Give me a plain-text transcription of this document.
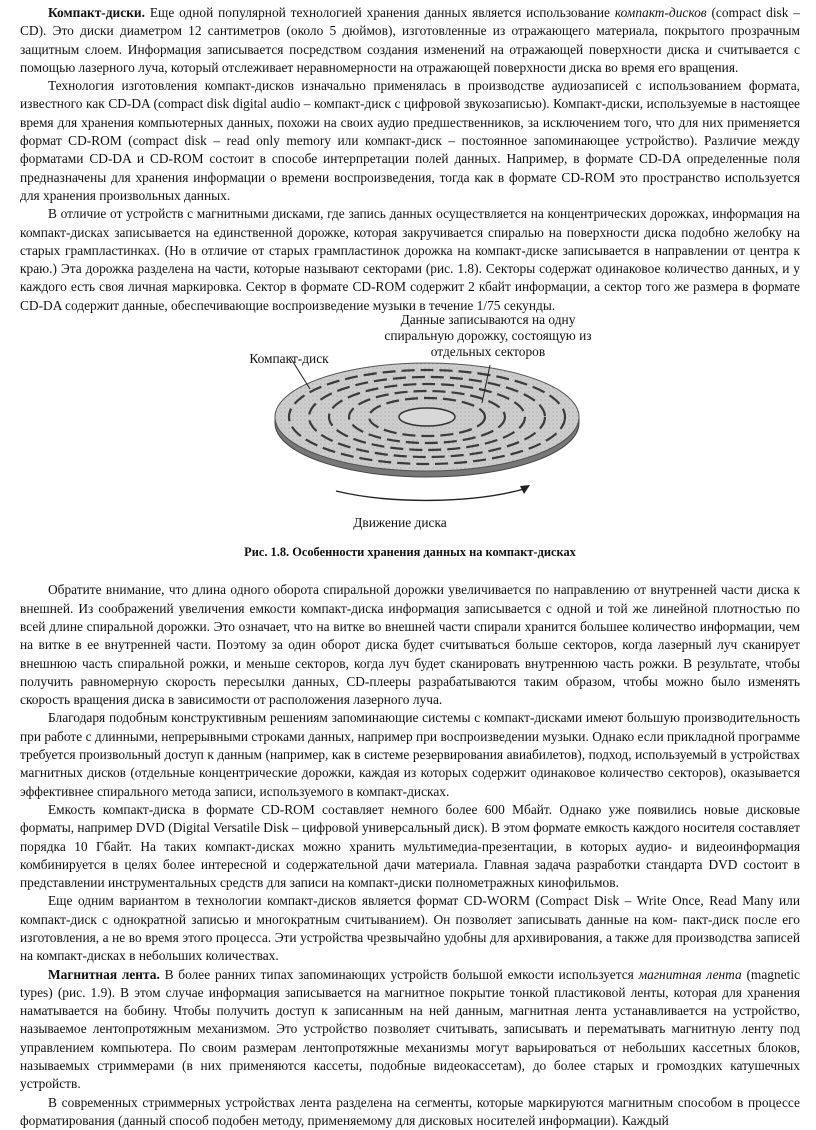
Компакт-диски. Еще одной популярной технологией хранения данных является использование компакт-дисков (compact disk – CD). Это диски диаметром 12 сантиметров (около 5 дюймов), изготовленные из отражающего материала, покрытого прозрачным защитным слоем. Информация записывается посредством создания изменений на отражающей поверхности диска и считывается с помощью лазерного луча, который отслеживает неравномерности на отражающей поверхности диска во время его вращения.

Технология изготовления компакт-дисков изначально применялась в производстве аудиозаписей с использованием формата, известного как CD-DA (compact disk digital audio – компакт-диск с цифровой звукозаписью). Компакт-диски, используемые в настоящее время для хранения компьютерных данных, похожи на своих аудио предшественников, за исключением того, что для них применяется формат CD-ROM (compact disk – read only memory или компакт-диск – постоянное запоминающее устройство). Различие между форматами CD-DA и CD-ROM состоит в способе интерпретации полей данных. Например, в формате CD-DA определенные поля предназначены для хранения информации о времени воспроизведения, тогда как в формате CD-ROM это пространство используется для хранения произвольных данных.

В отличие от устройств с магнитными дисками, где запись данных осуществляется на концентрических дорожках, информация на компакт-дисках записывается на единственной дорожке, которая закручивается спиралью на поверхности диска подобно желобку на старых грампластинках. (Но в отличие от старых грампластинок дорожка на компакт-диске записывается в направлении от центра к краю.) Эта дорожка разделена на части, которые называют секторами (рис. 1.8). Секторы содержат одинаковое количество данных, и у каждого есть своя личная маркировка. Сектор в формате CD-ROM содержит 2 кбайт информации, а сектор того же размера в формате CD-DA содержит данные, обеспечивающие воспроизведение музыки в течение 1/75 секунды.

Компакт-диск
Данные записываются на одну
спиральную дорожку, состоящую из
отдельных секторов
Движение диска

Рис. 1.8. Особенности хранения данных на компакт-дисках

Обратите внимание, что длина одного оборота спиральной дорожки увеличивается по направлению от внутренней части диска к внешней. Из соображений увеличения емкости компакт-диска информация записывается с одной и той же линейной плотностью по всей длине спиральной дорожки. Это означает, что на витке во внешней части спирали хранится большее количество информации, чем на витке в ее внутренней части. Поэтому за один оборот диска будет считываться больше секторов, когда лазерный луч сканирует внешнюю часть спиральной рожки, и меньше секторов, когда луч будет сканировать внутреннюю часть рожки. В результате, чтобы получить равномерную скорость пересылки данных, CD-плееры разрабатываются таким образом, чтобы можно было изменять скорость вращения диска в зависимости от расположения лазерного луча.

Благодаря подобным конструктивным решениям запоминающие системы с компакт-дисками имеют большую производительность при работе с длинными, непрерывными строками данных, например при воспроизведении музыки. Однако если прикладной программе требуется произвольный доступ к данным (например, как в системе резервирования авиабилетов), подход, используемый в устройствах магнитных дисков (отдельные концентрические дорожки, каждая из которых содержит одинаковое количество секторов), оказывается эффективнее спирального метода записи, используемого в компакт-дисках.

Емкость компакт-диска в формате CD-ROM составляет немного более 600 Мбайт. Однако уже появились новые дисковые форматы, например DVD (Digital Versatile Disk – цифровой универсальный диск). В этом формате емкость каждого носителя составляет порядка 10 Гбайт. На таких компакт-дисках можно хранить мультимедиа-презентации, в которых аудио- и видеоинформация комбинируется в целях более интересной и содержательной дачи материала. Главная задача разработки стандарта DVD состоит в представлении инструментальных средств для записи на компакт-диски полнометражных кинофильмов.

Еще одним вариантом в технологии компакт-дисков является формат CD-WORM (Compact Disk – Write Once, Read Many или компакт-диск с однократной записью и многократным считыванием). Он позволяет записывать данные на ком- пакт-диск после его изготовления, а не во время этого процесса. Эти устройства чрезвычайно удобны для архивирования, а также для производства записей на компакт-дисках в небольших количествах.

Магнитная лента. В более ранних типах запоминающих устройств большой емкости используется магнитная лента (magnetic types) (рис. 1.9). В этом случае информация записывается на магнитное покрытие тонкой пластиковой ленты, которая для хранения наматывается на бобину. Чтобы получить доступ к записанным на ней данным, магнитная лента устанавливается на устройство, называемое лентопротяжным механизмом. Это устройство позволяет считывать, записывать и перематывать магнитную ленту под управлением компьютера. По своим размерам лентопротяжные механизмы могут варьироваться от небольших кассетных блоков, называемых стриммерами (в них применяются кассеты, подобные видеокассетам), до более старых и громоздких катушечных устройств.

В современных стриммерных устройствах лента разделена на сегменты, которые маркируются магнитным способом в процессе форматирования (данный способ подобен методу, применяемому для дисковых носителей информации). Каждый
